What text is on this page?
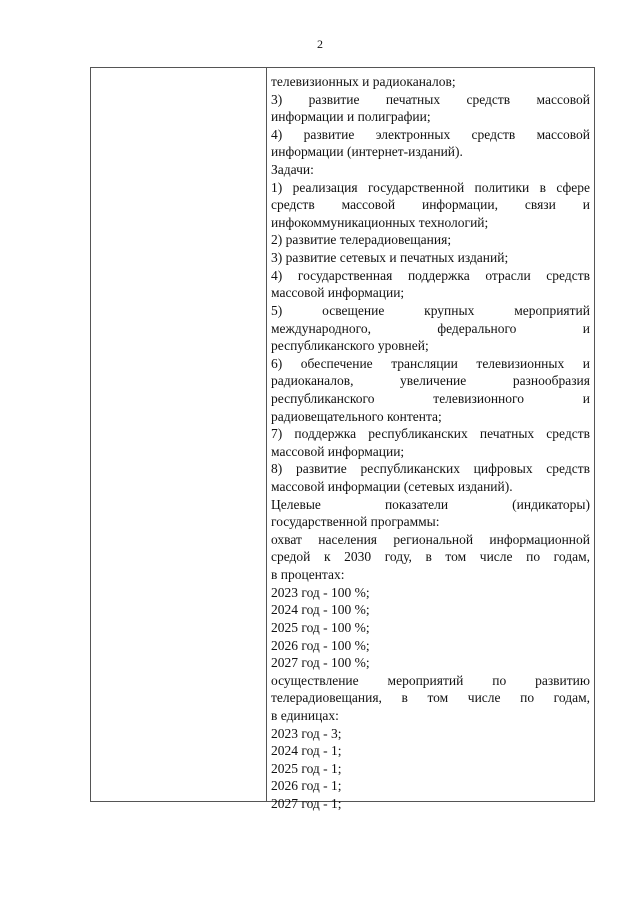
2
телевизионных и радиоканалов;
3) развитие печатных средств массовой
информации и полиграфии;
4) развитие электронных средств массовой
информации (интернет-изданий).
Задачи:
1) реализация государственной политики в сфере
средств массовой информации, связи и
инфокоммуникационных технологий;
2) развитие телерадиовещания;
3) развитие сетевых и печатных изданий;
4) государственная поддержка отрасли средств
массовой информации;
5) освещение крупных мероприятий
международного, федерального и
республиканского уровней;
6) обеспечение трансляции телевизионных и
радиоканалов, увеличение разнообразия
республиканского телевизионного и
радиовещательного контента;
7) поддержка республиканских печатных средств
массовой информации;
8) развитие республиканских цифровых средств
массовой информации (сетевых изданий).
Целевые показатели (индикаторы)
государственной программы:
охват населения региональной информационной
средой к 2030 году, в том числе по годам,
в процентах:
2023 год - 100 %;
2024 год - 100 %;
2025 год - 100 %;
2026 год - 100 %;
2027 год - 100 %;
осуществление мероприятий по развитию
телерадиовещания, в том числе по годам,
в единицах:
2023 год - 3;
2024 год - 1;
2025 год - 1;
2026 год - 1;
2027 год - 1;
